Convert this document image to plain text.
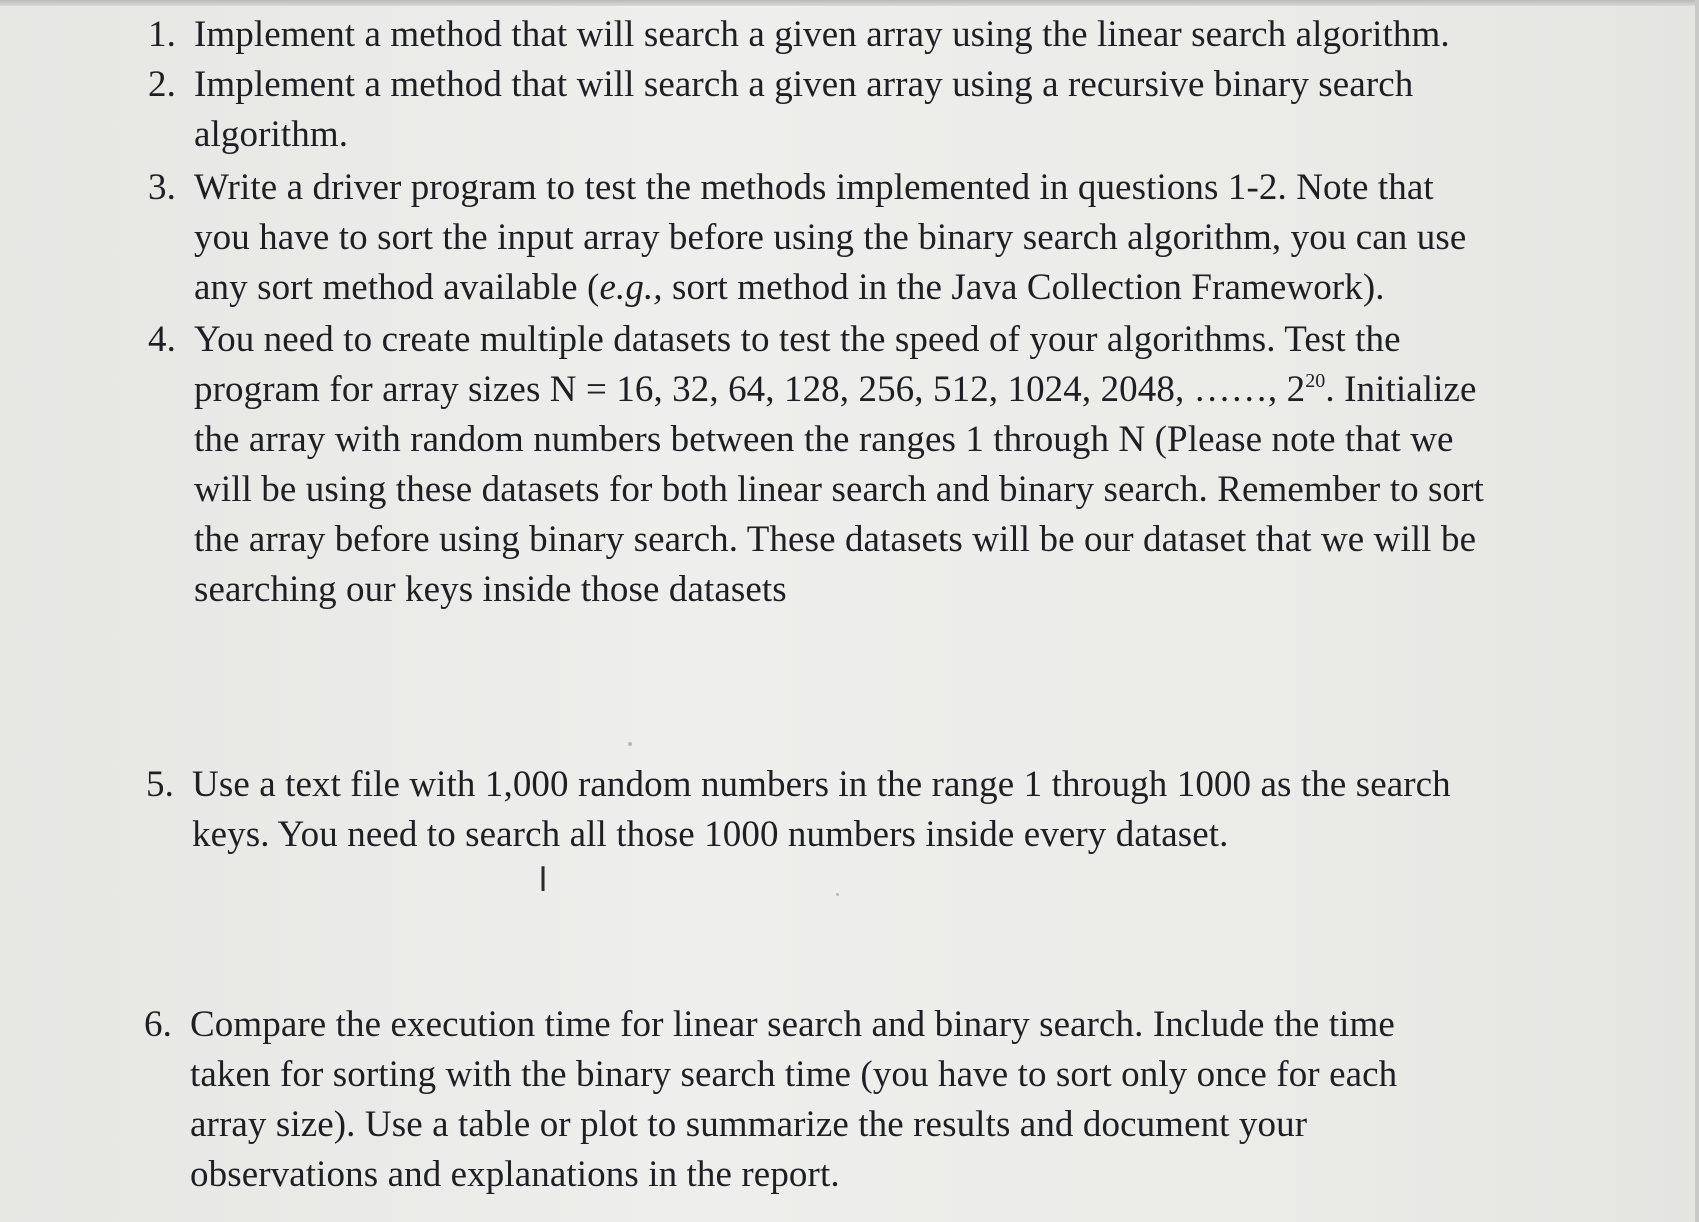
1. Implement a method that will search a given array using the linear search algorithm.
2. Implement a method that will search a given array using a recursive binary search
algorithm.
3. Write a driver program to test the methods implemented in questions 1-2. Note that
you have to sort the input array before using the binary search algorithm, you can use
any sort method available (e.g., sort method in the Java Collection Framework).
4. You need to create multiple datasets to test the speed of your algorithms. Test the
program for array sizes N = 16, 32, 64, 128, 256, 512, 1024, 2048, ……, $2^{20}$. Initialize
the array with random numbers between the ranges 1 through N (Please note that we
will be using these datasets for both linear search and binary search. Remember to sort
the array before using binary search. These datasets will be our dataset that we will be
searching our keys inside those datasets
5. Use a text file with 1,000 random numbers in the range 1 through 1000 as the search
keys. You need to search all those 1000 numbers inside every dataset.
6. Compare the execution time for linear search and binary search. Include the time
taken for sorting with the binary search time (you have to sort only once for each
array size). Use a table or plot to summarize the results and document your
observations and explanations in the report.
I
